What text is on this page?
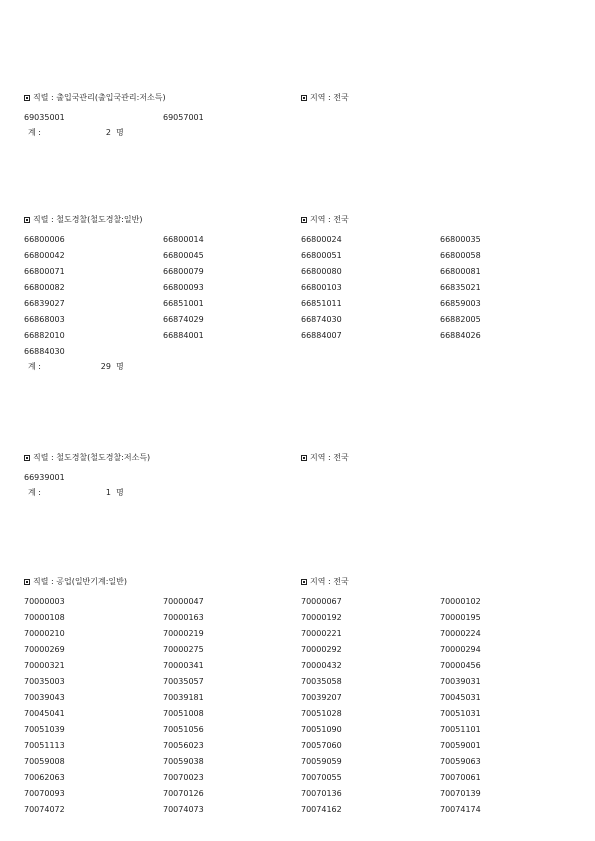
직렬 : 출입국관리(출입국관리:저소득)	지역 : 전국
69035001	69057001
계 :	2 명
직렬 : 철도경찰(철도경찰:일반)	지역 : 전국
66800006	66800014	66800024	66800035
66800042	66800045	66800051	66800058
66800071	66800079	66800080	66800081
66800082	66800093	66800103	66835021
66839027	66851001	66851011	66859003
66868003	66874029	66874030	66882005
66882010	66884001	66884007	66884026
66884030
계 :	29 명
직렬 : 철도경찰(철도경찰:저소득)	지역 : 전국
66939001
계 :	1 명
직렬 : 공업(일반기계:일반)	지역 : 전국
70000003	70000047	70000067	70000102
70000108	70000163	70000192	70000195
70000210	70000219	70000221	70000224
70000269	70000275	70000292	70000294
70000321	70000341	70000432	70000456
70035003	70035057	70035058	70039031
70039043	70039181	70039207	70045031
70045041	70051008	70051028	70051031
70051039	70051056	70051090	70051101
70051113	70056023	70057060	70059001
70059008	70059038	70059059	70059063
70062063	70070023	70070055	70070061
70070093	70070126	70070136	70070139
70074072	70074073	70074162	70074174
